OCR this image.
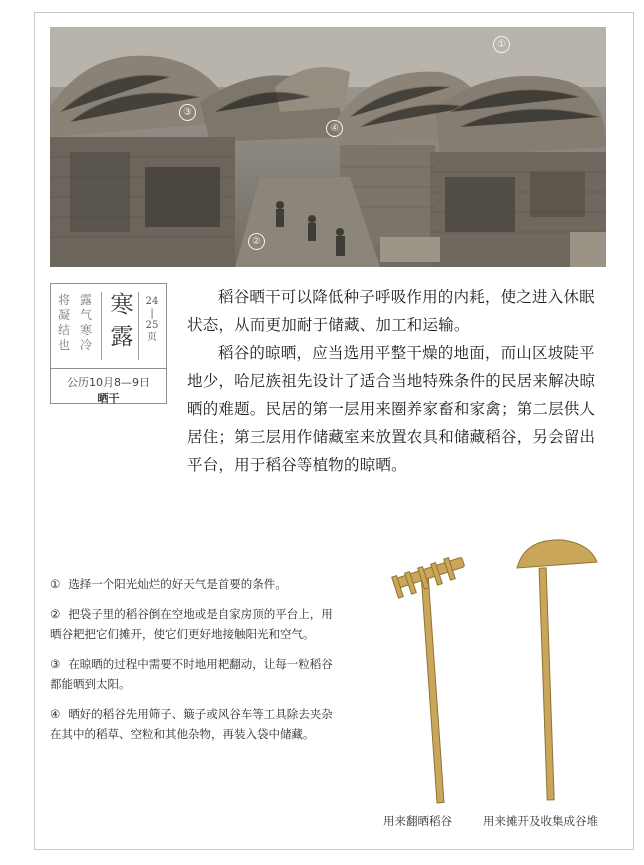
①
②
③
④
将
凝
结
也
露
气
寒
冷
寒
露
24
|
25
页
公历10月8—9日
晒干

稻谷晒干可以降低种子呼吸作用的内耗，使之进入休眠状态，从而更加耐于储藏、加工和运输。

稻谷的晾晒，应当选用平整干燥的地面，而山区坡陡平地少，哈尼族祖先设计了适合当地特殊条件的民居来解决晾晒的难题。民居的第一层用来圈养家畜和家禽；第二层供人居住；第三层用作储藏室来放置农具和储藏稻谷，另会留出平台，用于稻谷等植物的晾晒。

① 选择一个阳光灿烂的好天气是首要的条件。

② 把袋子里的稻谷倒在空地或是自家房顶的平台上，用晒谷耙把它们摊开，使它们更好地接触阳光和空气。

③ 在晾晒的过程中需要不时地用耙翻动，让每一粒稻谷都能晒到太阳。

④ 晒好的稻谷先用筛子、簸子或风谷车等工具除去夹杂在其中的稻草、空粒和其他杂物，再装入袋中储藏。

用来翻晒稻谷	用来摊开及收集成谷堆
